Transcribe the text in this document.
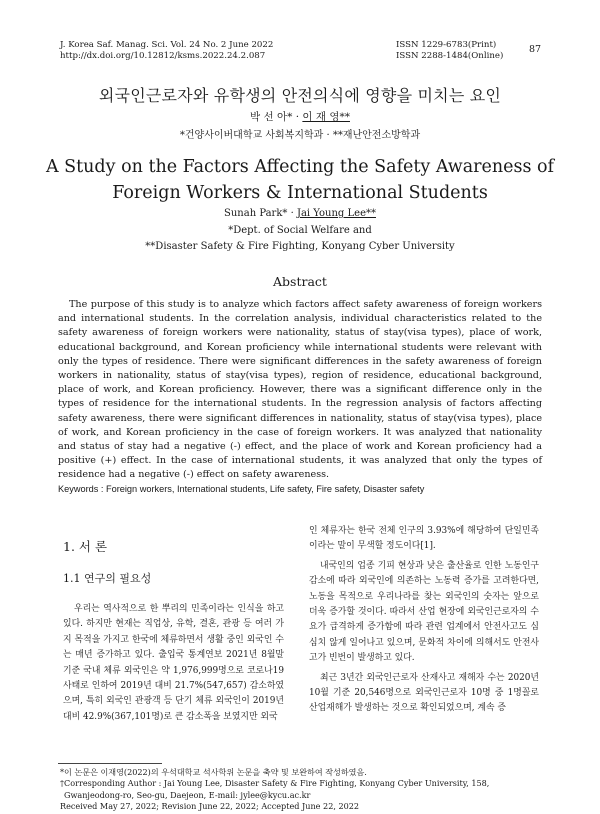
J. Korea Saf. Manag. Sci. Vol. 24 No. 2 June 2022
http://dx.doi.org/10.12812/ksms.2022.24.2.087
ISSN 1229-6783(Print)
ISSN 2288-1484(Online)
87
외국인근로자와 유학생의 안전의식에 영향을 미치는 요인
박 선 아* · 이 재 영**
*건양사이버대학교 사회복지학과 · **재난안전소방학과
A Study on the Factors Affecting the Safety Awareness of
Foreign Workers & International Students
Sunah Park* · Jai Young Lee**
*Dept. of Social Welfare and
**Disaster Safety & Fire Fighting, Konyang Cyber University
Abstract

The purpose of this study is to analyze which factors affect safety awareness of foreign workers and international students. In the correlation analysis, individual characteristics related to the safety awareness of foreign workers were nationality, status of stay(visa types), place of work, educational background, and Korean proficiency while international students were relevant with only the types of residence. There were significant differences in the safety awareness of foreign workers in nationality, status of stay(visa types), region of residence, educational background, place of work, and Korean proficiency. However, there was a significant difference only in the types of residence for the international students. In the regression analysis of factors affecting safety awareness, there were significant differences in nationality, status of stay(visa types), place of work, and Korean proficiency in the case of foreign workers. It was analyzed that nationality and status of stay had a negative (-) effect, and the place of work and Korean proficiency had a positive (+) effect. In the case of international students, it was analyzed that only the types of residence had a negative (-) effect on safety awareness.

Keywords : Foreign workers, International students, Life safety, Fire safety, Disaster safety
1. 서 론
1.1 연구의 필요성

우리는 역사적으로 한 뿌리의 민족이라는 인식을 하고 있다. 하지만 현재는 직업상, 유학, 결혼, 관광 등 여러 가지 목적을 가지고 한국에 체류하면서 생활 중인 외국인 수는 매년 증가하고 있다. 출입국 통계연보 2021년 8월말 기준 국내 체류 외국인은 약 1,976,999명으로 코로나19 사태로 인하여 2019년 대비 21.7%(547,657) 감소하였으며, 특히 외국인 관광객 등 단기 체류 외국인이 2019년 대비 42.9%(367,101명)로 큰 감소폭을 보였지만 외국

인 체류자는 한국 전체 인구의 3.93%에 해당하여 단일민족이라는 말이 무색할 정도이다[1].

내국인의 업종 기피 현상과 낮은 출산율로 인한 노동인구 감소에 따라 외국인에 의존하는 노동력 증가를 고려한다면, 노동을 목적으로 우리나라를 찾는 외국인의 숫자는 앞으로 더욱 증가할 것이다. 따라서 산업 현장에 외국인근로자의 수요가 급격하게 증가함에 따라 관련 업계에서 안전사고도 심심치 않게 일어나고 있으며, 문화적 차이에 의해서도 안전사고가 빈번이 발생하고 있다.

최근 3년간 외국인근로자 산재사고 재해자 수는 2020년 10월 기준 20,546명으로 외국인근로자 10명 중 1명꼴로 산업재해가 발생하는 것으로 확인되었으며, 계속 증

*이 논문은 이재영(2022)의 우석대학교 석사학위 논문을 축약 및 보완하여 작성하였음.
†Corresponding Author : Jai Young Lee, Disaster Safety & Fire Fighting, Konyang Cyber University, 158, Gwanjeodong-ro, Seo-gu, Daejeon, E-mail: jylee@kycu.ac.kr
Received May 27, 2022; Revision June 22, 2022; Accepted June 22, 2022
